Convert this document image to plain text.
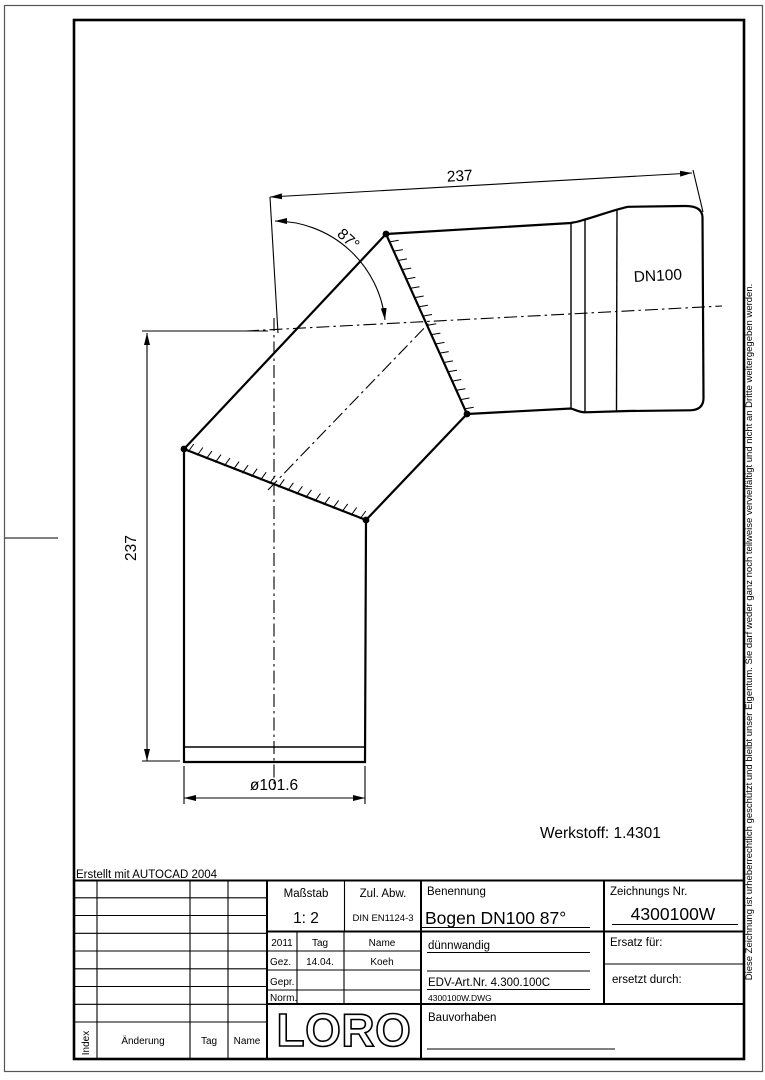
237
87°
237
ø101.6
DN100
Werkstoff: 1.4301
Erstellt mit AUTOCAD 2004
Index	Änderung	Tag Name
Maßstab
1: 2
Zul. Abw.
DIN EN1124-3
2011 Tag	Name
Gez. 14.04.	Koeh
Gepr.
Norm.
LORO
Benennung
Bogen DN100 87°
dünnwandig
EDV-Art.Nr. 4.300.100C
4300100W.DWG
Bauvorhaben
Zeichnungs Nr.
4300100W
Ersatz für:
ersetzt durch:	Diese Zeichnung ist urheberrechtlich geschützt und bleibt unser Eigentum. Sie darf weder ganz noch teilweise vervielfältigt und nicht an Dritte weitergegeben werden.
